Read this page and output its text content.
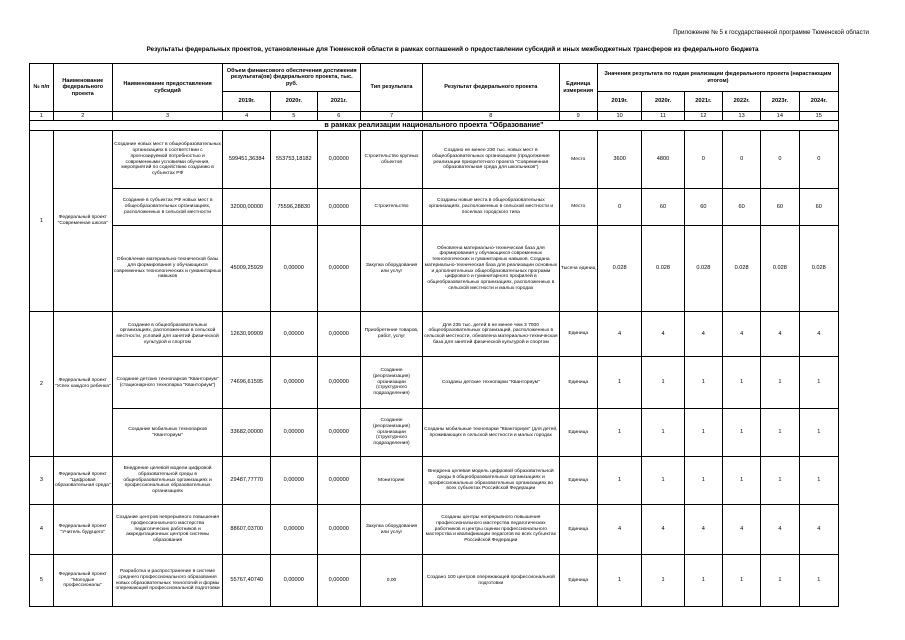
Приложение № 5 к государственной программе Тюменской области
Результаты федеральных проектов, установленные для Тюменской области в рамках соглашений о предоставлении субсидий и иных межбюджетных трансферов из федерального бюджета
№ п/п	Наименование федерального проекта	Наименование предоставления субсидий	Объем финансового обеспечения достижения результата(ов) федерального проекта, тыс. руб.			Тип результата	Результат федерального проекта	Единица измерения	Значения результата по годам реализации федерального проекта (нарастающим итогом)					
			2019г.	2020г.	2021г.				2019г.	2020г.	2021г.	2022г.	2023г.	2024г.
1	2	3	4	5	6	7	8	9	10	11	12	13	14	15
в рамках реализации национального проекта "Образование"														
1	Федеральный проект "Современная школа"	Создание новых мест в общеобразовательных организациях в соответствии с прогнозируемой потребностью и современными условиями обучения, мероприятий по содействию созданию в субъектах РФ	599451,36384	553753,18182	0,00000	Строительство крупных объектов	Создано не менее 230 тыс. новых мест в общеобразовательных организациях (продолжение реализации приоритетного проекта "Современная образовательная среда для школьников")	Место	3600	4800	0	0	0	0
		Создание в субъектах РФ новых мест в общеобразовательных организациях, расположенных в сельской местности	32000,00000	75596,28830	0,00000	Строительство	Созданы новые места в общеобразовательных организациях, расположенных в сельской местности и поселках городского типа	Место	0	60	60	60	60	60
		Обновление материально-технической базы для формирования у обучающихся современных технологических и гуманитарных навыков	45009,25929	0,00000	0,00000	Закупка оборудования или услуг	Обновлена материально-техническая база для формирования у обучающихся современных технологических и гуманитарных навыков. Создана материально-техническая база для реализации основных и дополнительных общеобразовательных программ цифрового и гуманитарного профилей в общеобразовательных организациях, расположенных в сельской местности и малых городах	Тысяча единиц	0.028	0.028	0.028	0.028	0.028	0.028
2	Федеральный проект "Успех каждого ребенка"	Создание в общеобразовательных организациях, расположенных в сельской местности, условий для занятий физической культурой и спортом	12630,90909	0,00000	0,00000	Приобретение товаров, работ, услуг	Для 235 тыс. детей в не менее чем 3 7000 общеобразовательных организаций, расположенных в сельской местности, обновлена материально-техническая база для занятий физической культурой и спортом	Единица	4	4	4	4	4	4
		Создание детских технопарков "Кванториум" (стационарного технопарка "Кванториум")	74696,61595	0,00000	0,00000	Создание (реорганизация) организации (структурного подразделения)	Созданы детские технопарки "Кванториум"	Единица	1	1	1	1	1	1
		Создание мобильных технопарков "Кванториум"	33682,00000	0,00000	0,00000	Создание (реорганизация) организации (структурного подразделения)	Созданы мобильные технопарки "Кванториум" (для детей, проживающих в сельской местности и малых городах	Единица	1	1	1	1	1	1
3	Федеральный проект "Цифровая образовательная среда"	Внедрение целевой модели цифровой образовательной среды в общеобразовательных организациях и профессиональных образовательных организациях	29487,77770	0,00000	0,00000	Мониторинг	Внедрена целевая модель цифровой образовательной среды в общеобразовательных организациях и профессиональных образовательных организациях во всех субъектах Российской Федерации	Единица	1	1	1	1	1	1
4	Федеральный проект "Учитель будущего"	Создание центров непрерывного повышения профессионального мастерства педагогических работников и аккредитационных центров системы образования	88607,03700	0,00000	0,00000	Закупка оборудования или услуг	Созданы центры непрерывного повышения профессионального мастерства педагогических работников и центры оценки профессионального мастерства и квалификации педагогов во всех субъектах Российской Федерации	Единица	4	4	4	4	4	4
5	Федеральный проект "Молодые профессионалы"	Разработка и распространение в системе среднего профессионального образования новых образовательных технологий и формы опережающей профессиональной подготовки	55767,40740	0,00000	0,00000	0,00	Создано 100 центров опережающей профессиональной подготовки	Единица	1	1	1	1	1	1
